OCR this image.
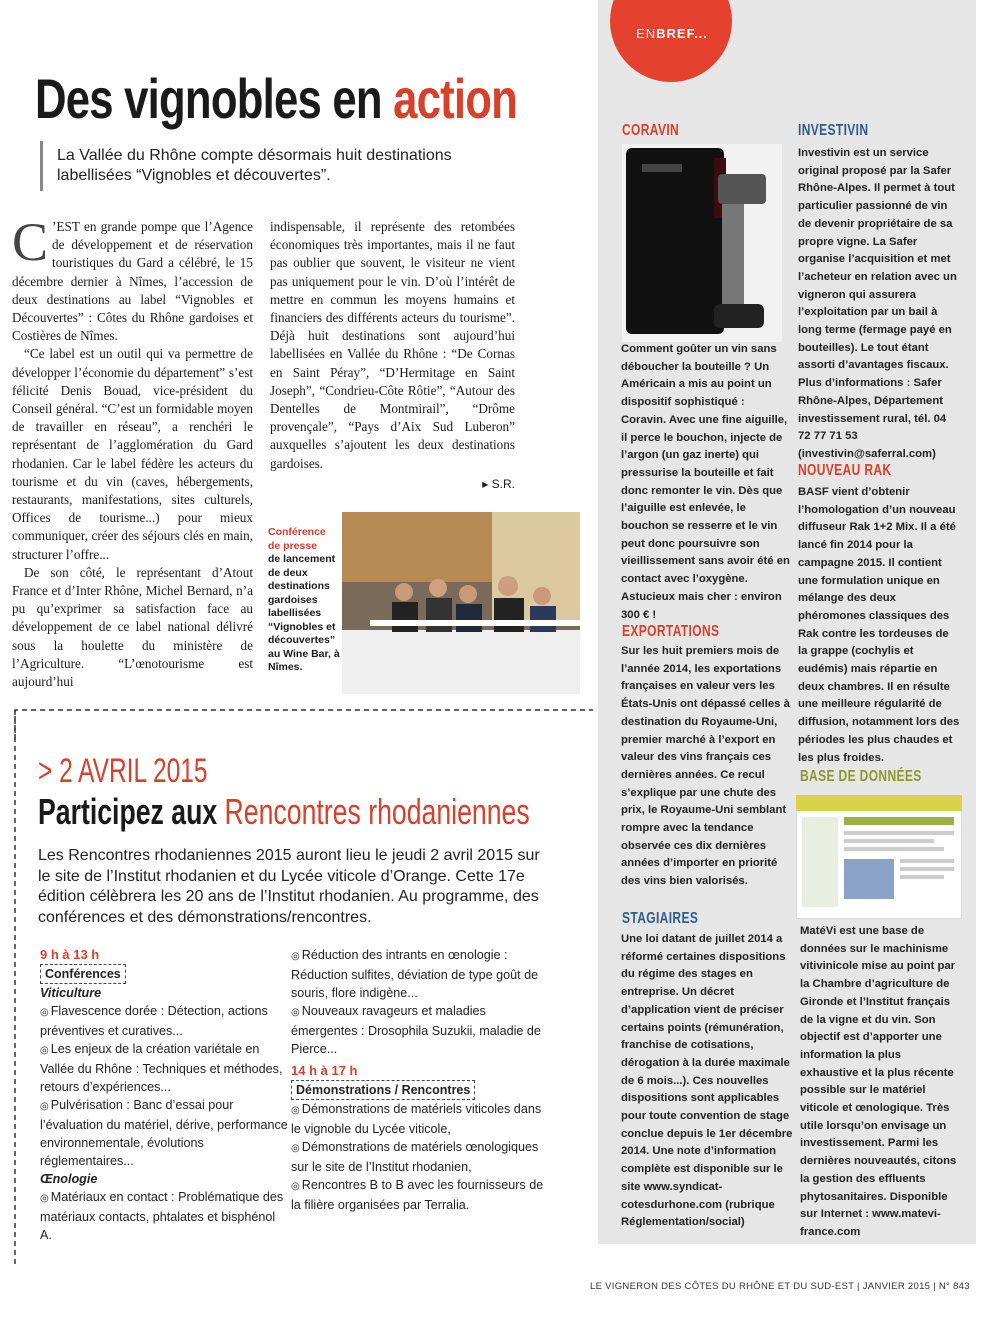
ENBREF...
Des vignobles en action
La Vallée du Rhône compte désormais huit destinations labellisées “Vignobles et découvertes”.

C ’EST en grande pompe que l’Agence de développement et de réservation touristiques du Gard a célébré, le 15 décembre dernier à Nîmes, l’accession de deux destinations au label “Vignobles et Découvertes” : Côtes du Rhône gardoises et Costières de Nîmes.

“Ce label est un outil qui va permettre de développer l’économie du département” s’est félicité Denis Bouad, vice-président du Conseil général. “C’est un formidable moyen de travailler en réseau”, a renchéri le représentant de l’agglomération du Gard rhodanien. Car le label fédère les acteurs du tourisme et du vin (caves, hébergements, restaurants, manifestations, sites culturels, Offices de tourisme...) pour mieux communiquer, créer des séjours clés en main, structurer l’offre...

De son côté, le représentant d’Atout France et d’Inter Rhône, Michel Bernard, n’a pu qu’exprimer sa satisfaction face au développement de ce label national délivré sous la houlette du ministère de l’Agriculture. “L’œnotourisme est aujourd’hui

indispensable, il représente des retombées économiques très importantes, mais il ne faut pas oublier que souvent, le visiteur ne vient pas uniquement pour le vin. D’où l’intérêt de mettre en commun les moyens humains et financiers des différents acteurs du tourisme”. Déjà huit destinations sont aujourd’hui labellisées en Vallée du Rhône : “De Cornas en Saint Péray”, “D’Hermitage en Saint Joseph”, “Condrieu-Côte Rôtie”, “Autour des Dentelles de Montmirail”, “Drôme provençale”, “Pays d’Aix Sud Luberon” auxquelles s’ajoutent les deux destinations gardoises.

▸ S.R.
Conférence de presse
de lancement de deux destinations gardoises labellisées “Vignobles et découvertes” au Wine Bar, à Nîmes.
> 2 AVRIL 2015
Participez aux Rencontres rhodaniennes
Les Rencontres rhodaniennes 2015 auront lieu le jeudi 2 avril 2015 sur le site de l’Institut rhodanien et du Lycée viticole d’Orange. Cette 17e édition célèbrera les 20 ans de l’Institut rhodanien. Au programme, des conférences et des démonstrations/rencontres.
9 h à 13 h
Conférences
Viticulture
◎ Flavescence dorée : Détection, actions préventives et curatives...
◎ Les enjeux de la création variétale en Vallée du Rhône : Techniques et méthodes, retours d’expériences...
◎ Pulvérisation : Banc d’essai pour l’évaluation du matériel, dérive, performance environnementale, évolutions réglementaires...
Œnologie
◎ Matériaux en contact : Problématique des matériaux contacts, phtalates et bisphénol A.
◎ Réduction des intrants en œnologie : Réduction sulfites, déviation de type goût de souris, flore indigène...
◎ Nouveaux ravageurs et maladies émergentes : Drosophila Suzukii, maladie de Pierce...
14 h à 17 h
Démonstrations / Rencontres
◎ Démonstrations de matériels viticoles dans le vignoble du Lycée viticole,
◎ Démonstrations de matériels œnologiques sur le site de l’Institut rhodanien,
◎ Rencontres B to B avec les fournisseurs de la filière organisées par Terralia.
CORAVIN
Comment goûter un vin sans déboucher la bouteille ? Un Américain a mis au point un dispositif sophistiqué : Coravin. Avec une fine aiguille, il perce le bouchon, injecte de l’argon (un gaz inerte) qui pressurise la bouteille et fait donc remonter le vin. Dès que l’aiguille est enlevée, le bouchon se resserre et le vin peut donc poursuivre son vieillissement sans avoir été en contact avec l’oxygène. Astucieux mais cher : environ 300 € !
EXPORTATIONS
Sur les huit premiers mois de l’année 2014, les exportations françaises en valeur vers les États-Unis ont dépassé celles à destination du Royaume-Uni, premier marché à l’export en valeur des vins français ces dernières années. Ce recul s’explique par une chute des prix, le Royaume-Uni semblant rompre avec la tendance observée ces dix dernières années d’importer en priorité des vins bien valorisés.
STAGIAIRES
Une loi datant de juillet 2014 a réformé certaines dispositions du régime des stages en entreprise. Un décret d’application vient de préciser certains points (rémunération, franchise de cotisations, dérogation à la durée maximale de 6 mois...). Ces nouvelles dispositions sont applicables pour toute convention de stage conclue depuis le 1er décembre 2014. Une note d’information complète est disponible sur le site www.syndicat-cotesdurhone.com (rubrique Réglementation/social)
INVESTIVIN
Investivin est un service original proposé par la Safer Rhône-Alpes. Il permet à tout particulier passionné de vin de devenir propriétaire de sa propre vigne. La Safer organise l’acquisition et met l’acheteur en relation avec un vigneron qui assurera l’exploitation par un bail à long terme (fermage payé en bouteilles). Le tout étant assorti d’avantages fiscaux. Plus d’informations : Safer Rhône-Alpes, Département investissement rural, tél. 04 72 77 71 53 (investivin@saferral.com)
NOUVEAU RAK
BASF vient d’obtenir l’homologation d’un nouveau diffuseur Rak 1+2 Mix. Il a été lancé fin 2014 pour la campagne 2015. Il contient une formulation unique en mélange des deux phéromones classiques des Rak contre les tordeuses de la grappe (cochylis et eudémis) mais répartie en deux chambres. Il en résulte une meilleure régularité de diffusion, notamment lors des périodes les plus chaudes et les plus froides.
BASE DE DONNÉES
MatéVi est une base de données sur le machinisme vitivinicole mise au point par la Chambre d’agriculture de Gironde et l’Institut français de la vigne et du vin. Son objectif est d’apporter une information la plus exhaustive et la plus récente possible sur le matériel viticole et œnologique. Très utile lorsqu’on envisage un investissement. Parmi les dernières nouveautés, citons la gestion des effluents phytosanitaires. Disponible sur Internet : www.matevi-france.com
LE VIGNERON DES CÔTES DU RHÔNE ET DU SUD-EST | JANVIER 2015 | N° 843
